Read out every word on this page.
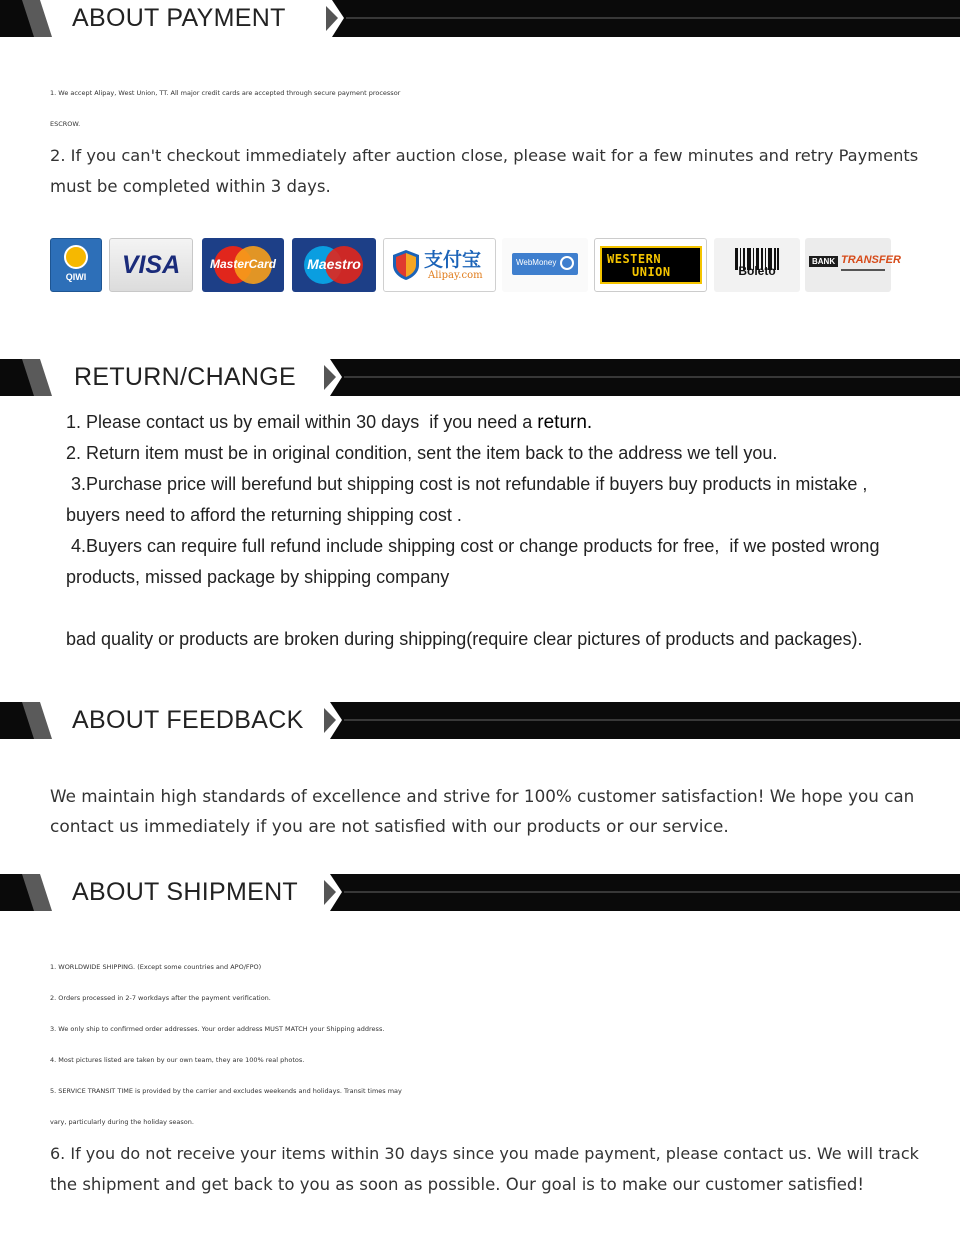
ABOUT PAYMENT
1. We accept Alipay, West Union, TT. All major credit cards are accepted through secure payment processor
ESCROW.
2. If you can't checkout immediately after auction close, please wait for a few minutes and retry Payments
must be completed within 3 days.
QIWI	VISA	MasterCard	Maestro	支付宝
Alipay.com
WebMoney	WESTERN
UNION	Boleto
BANK TRANSFER
RETURN/CHANGE
1. Please contact us by email within 30 days  if you need a return.
2. Return item must be in original condition, sent the item back to the address we tell you.
3.Purchase price will berefund but shipping cost is not refundable if buyers buy products in mistake ,
buyers need to afford the returning shipping cost .
4.Buyers can require full refund include shipping cost or change products for free,  if we posted wrong
products, missed package by shipping company
bad quality or products are broken during shipping(require clear pictures of products and packages).
ABOUT FEEDBACK
We maintain high standards of excellence and strive for 100% customer satisfaction! We hope you can
contact us immediately if you are not satisfied with our products or our service.
ABOUT SHIPMENT
1. WORLDWIDE SHIPPING. (Except some countries and APO/FPO)
2. Orders processed in 2-7 workdays after the payment verification.
3. We only ship to confirmed order addresses. Your order address MUST MATCH your Shipping address.
4. Most pictures listed are taken by our own team, they are 100% real photos.
5. SERVICE TRANSIT TIME is provided by the carrier and excludes weekends and holidays. Transit times may
vary, particularly during the holiday season.
6. If you do not receive your items within 30 days since you made payment, please contact us. We will track
the shipment and get back to you as soon as possible. Our goal is to make our customer satisfied!
